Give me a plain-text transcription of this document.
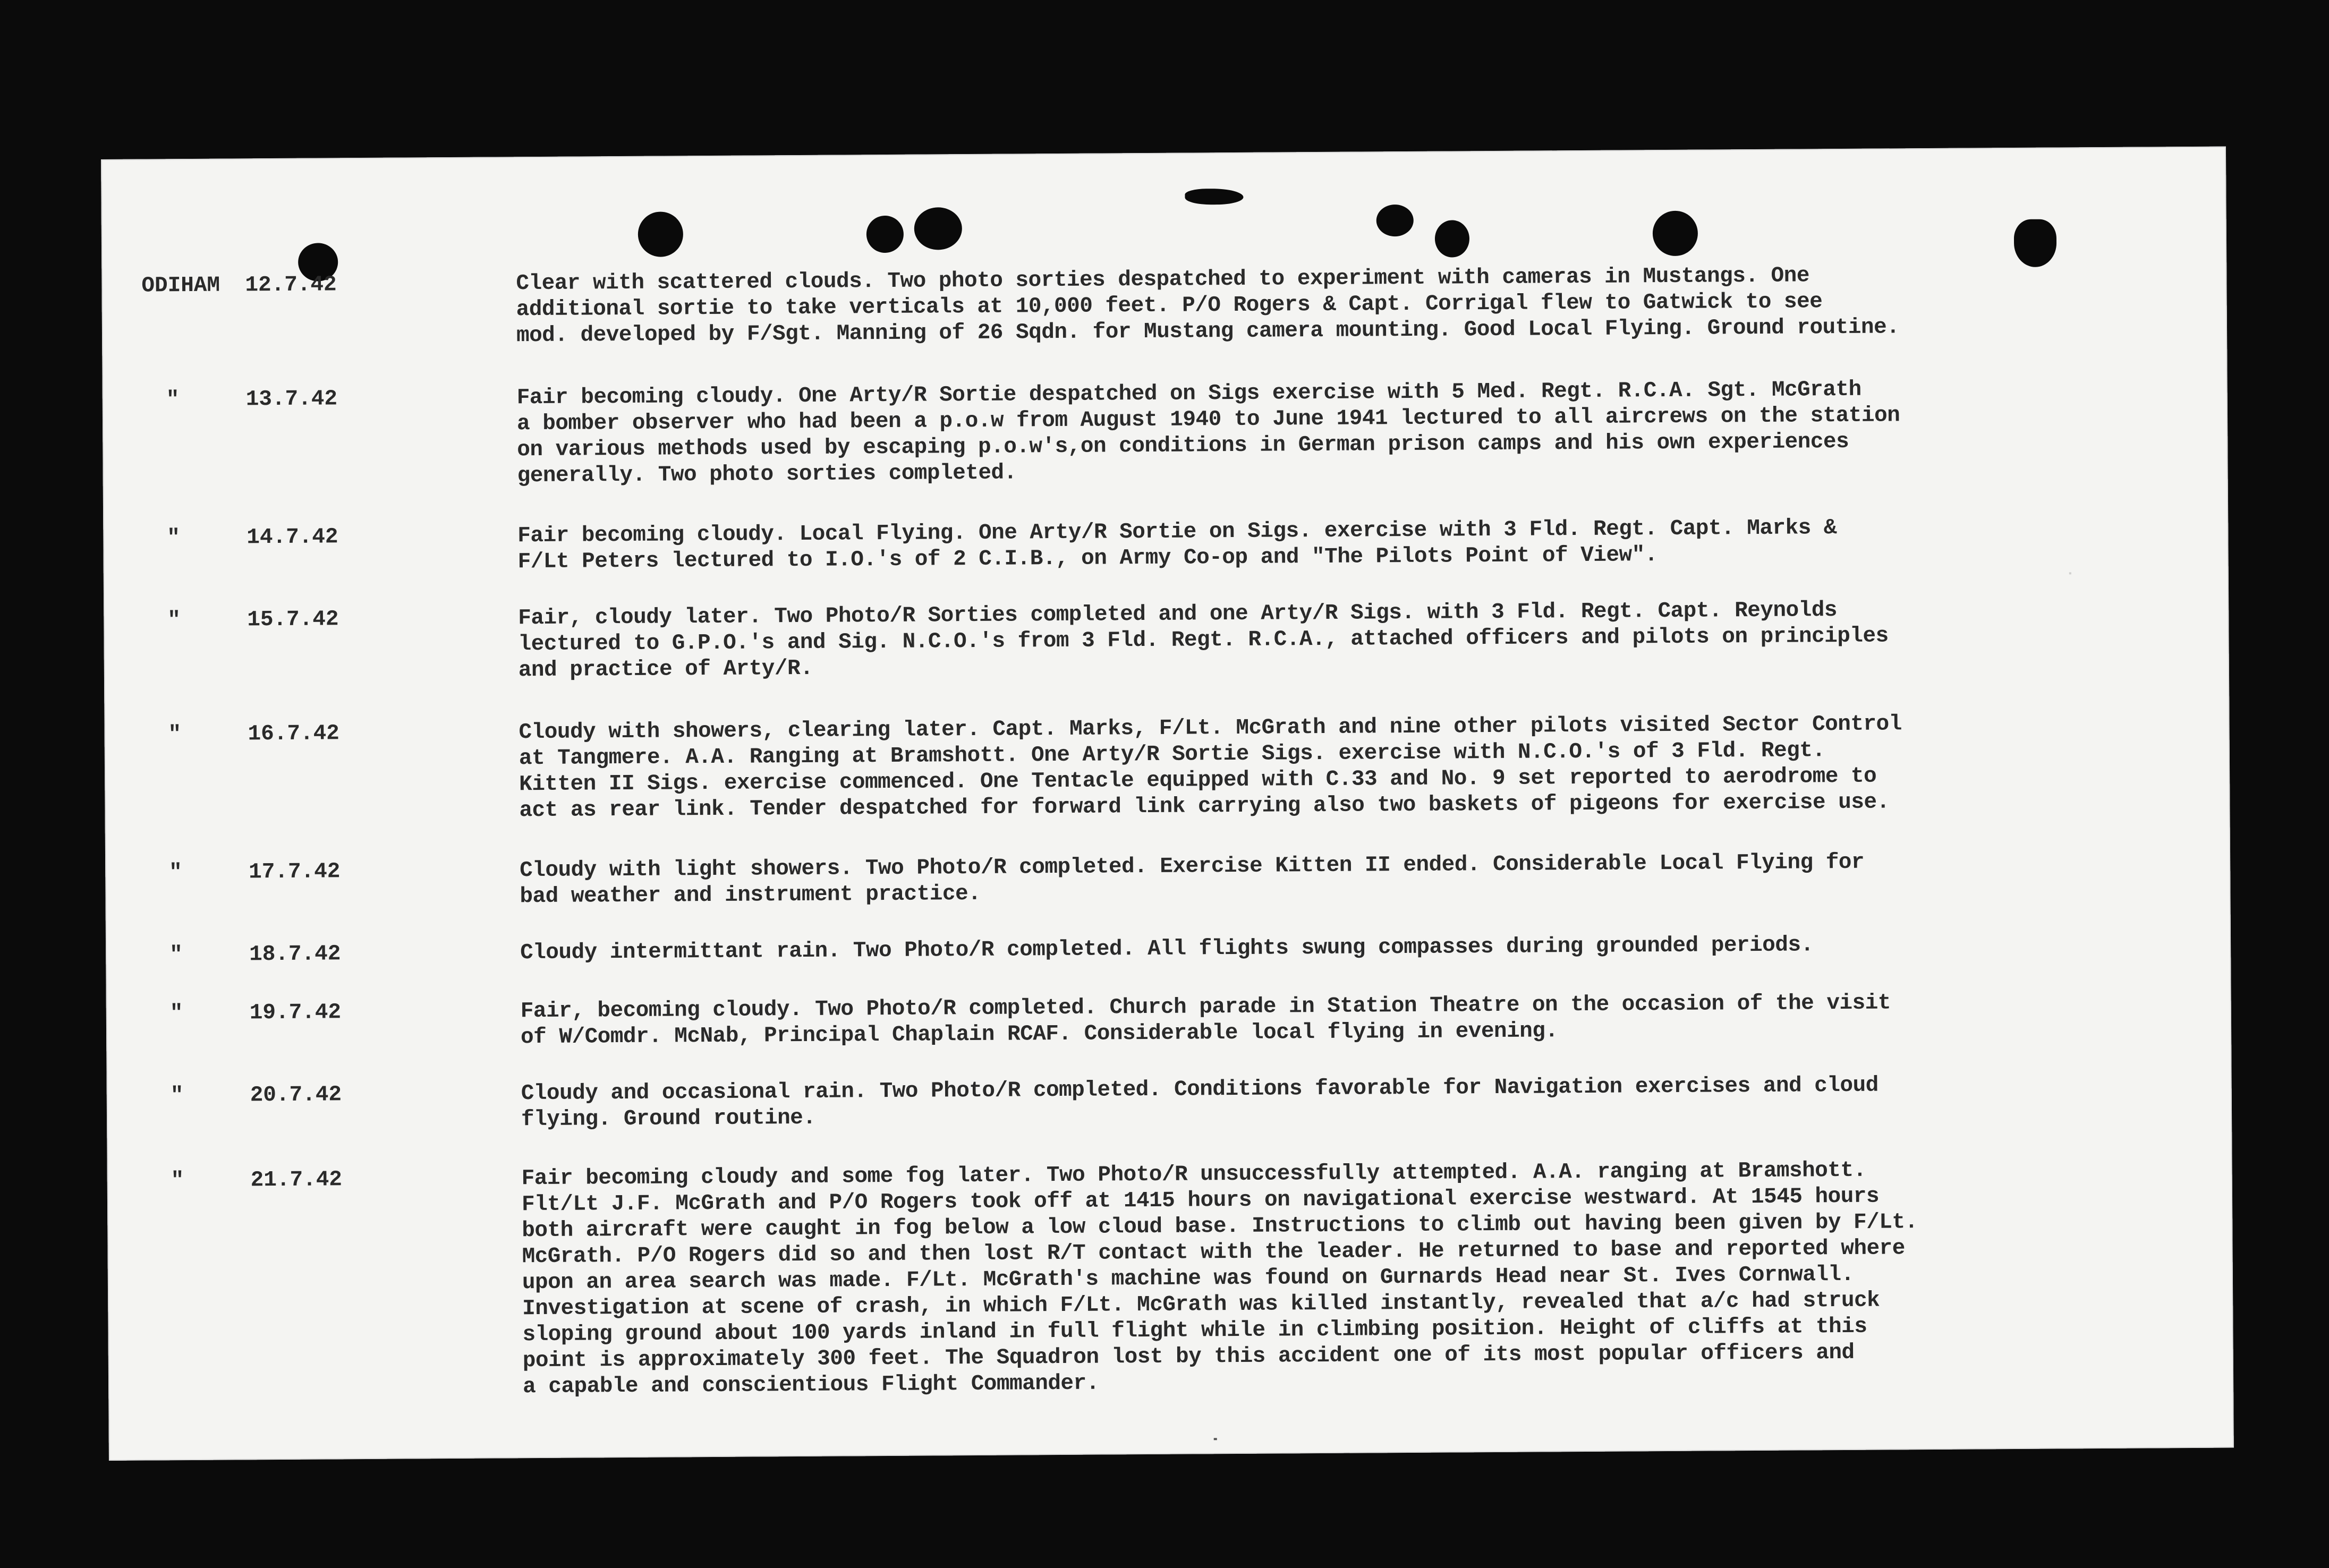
ODIHAM 12.7.42	Clear with scattered clouds. Two photo sorties despatched to experiment with cameras in Mustangs. One
additional sortie to take verticals at 10,000 feet. P/O Rogers & Capt. Corrigal flew to Gatwick to see
mod. developed by F/Sgt. Manning of 26 Sqdn. for Mustang camera mounting. Good Local Flying. Ground routine.
"	13.7.42	Fair becoming cloudy. One Arty/R Sortie despatched on Sigs exercise with 5 Med. Regt. R.C.A. Sgt. McGrath
a bomber observer who had been a p.o.w from August 1940 to June 1941 lectured to all aircrews on the station
on various methods used by escaping p.o.w's,on conditions in German prison camps and his own experiences
generally. Two photo sorties completed.
"	14.7.42	Fair becoming cloudy. Local Flying. One Arty/R Sortie on Sigs. exercise with 3 Fld. Regt. Capt. Marks &
F/Lt Peters lectured to I.O.'s of 2 C.I.B., on Army Co-op and "The Pilots Point of View".
"	15.7.42	Fair, cloudy later. Two Photo/R Sorties completed and one Arty/R Sigs. with 3 Fld. Regt. Capt. Reynolds
lectured to G.P.O.'s and Sig. N.C.O.'s from 3 Fld. Regt. R.C.A., attached officers and pilots on principles
and practice of Arty/R.
"	16.7.42	Cloudy with showers, clearing later. Capt. Marks, F/Lt. McGrath and nine other pilots visited Sector Control
at Tangmere. A.A. Ranging at Bramshott. One Arty/R Sortie Sigs. exercise with N.C.O.'s of 3 Fld. Regt.
Kitten II Sigs. exercise commenced. One Tentacle equipped with C.33 and No. 9 set reported to aerodrome to
act as rear link. Tender despatched for forward link carrying also two baskets of pigeons for exercise use.
"	17.7.42	Cloudy with light showers. Two Photo/R completed. Exercise Kitten II ended. Considerable Local Flying for
bad weather and instrument practice.
"	18.7.42	Cloudy intermittant rain. Two Photo/R completed. All flights swung compasses during grounded periods.
"	19.7.42	Fair, becoming cloudy. Two Photo/R completed. Church parade in Station Theatre on the occasion of the visit
of W/Comdr. McNab, Principal Chaplain RCAF. Considerable local flying in evening.
"	20.7.42	Cloudy and occasional rain. Two Photo/R completed. Conditions favorable for Navigation exercises and cloud
flying. Ground routine.
"	21.7.42	Fair becoming cloudy and some fog later. Two Photo/R unsuccessfully attempted. A.A. ranging at Bramshott.
Flt/Lt J.F. McGrath and P/O Rogers took off at 1415 hours on navigational exercise westward. At 1545 hours
both aircraft were caught in fog below a low cloud base. Instructions to climb out having been given by F/Lt.
McGrath. P/O Rogers did so and then lost R/T contact with the leader. He returned to base and reported where
upon an area search was made. F/Lt. McGrath's machine was found on Gurnards Head near St. Ives Cornwall.
Investigation at scene of crash, in which F/Lt. McGrath was killed instantly, revealed that a/c had struck
sloping ground about 100 yards inland in full flight while in climbing position. Height of cliffs at this
point is approximately 300 feet. The Squadron lost by this accident one of its most popular officers and
a capable and conscientious Flight Commander.
